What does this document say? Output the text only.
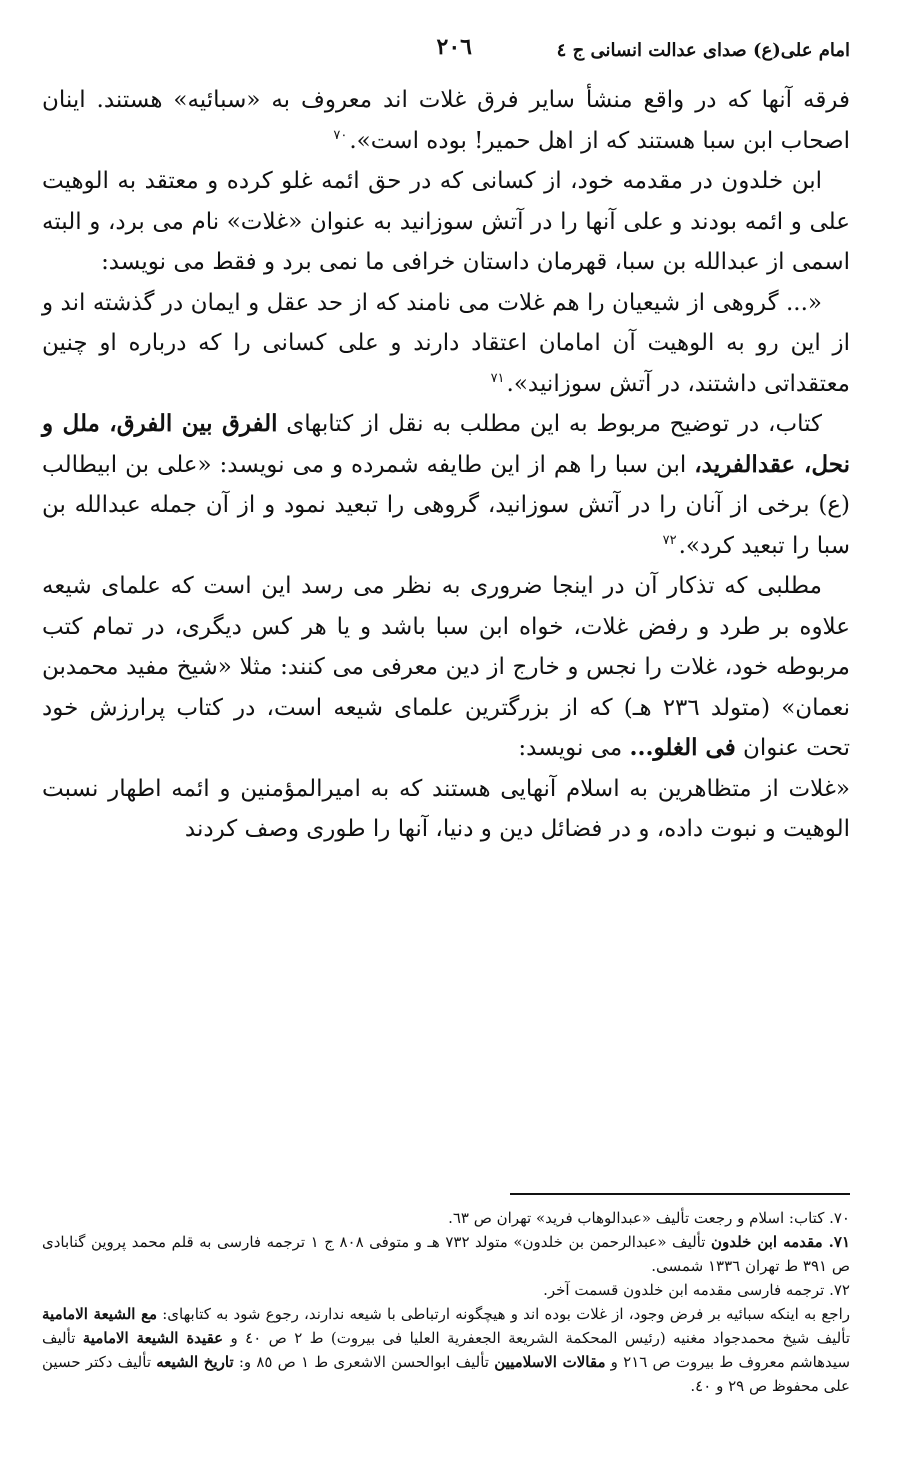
امام علی(ع) صدای عدالت انسانی ج ٤
٢٠٦

فرقه آنها که در واقع منشأ سایر فرق غلات اند معروف به «سبائیه» هستند. اینان اصحاب ابن سبا هستند که از اهل حمیر! بوده است».$^{٧٠}$

ابن خلدون در مقدمه خود، از کسانی که در حق ائمه غلو کرده و معتقد به الوهیت علی و ائمه بودند و علی آنها را در آتش سوزانید به عنوان «غلات» نام می برد، و البته اسمی از عبدالله بن سبا، قهرمان داستان خرافی ما نمی برد و فقط می نویسد:

«... گروهی از شیعیان را هم غلات می نامند که از حد عقل و ایمان در گذشته اند و از این رو به الوهیت آن امامان اعتقاد دارند و علی کسانی را که درباره او چنین معتقداتی داشتند، در آتش سوزانید».$^{٧١}$

کتاب، در توضیح مربوط به این مطلب به نقل از کتابهای الفرق بین الفرق، ملل و نحل، عقدالفرید، ابن سبا را هم از این طایفه شمرده و می نویسد: «علی بن ابیطالب (ع) برخی از آنان را در آتش سوزانید، گروهی را تبعید نمود و از آن جمله عبدالله بن سبا را تبعید کرد».$^{٧٢}$

مطلبی که تذکار آن در اینجا ضروری به نظر می رسد این است که علمای شیعه علاوه بر طرد و رفض غلات، خواه ابن سبا باشد و یا هر کس دیگری، در تمام کتب مربوطه خود، غلات را نجس و خارج از دین معرفی می کنند: مثلا «شیخ مفید محمدبن نعمان» (متولد ٢٣٦ هـ) که از بزرگترین علمای شیعه است، در کتاب پرارزش خود تحت عنوان فی الغلو... می نویسد:

«غلات از متظاهرین به اسلام آنهایی هستند که به امیرالمؤمنین و ائمه اطهار نسبت الوهیت و نبوت داده، و در فضائل دین و دنیا، آنها را طوری وصف کردند

٧٠. کتاب: اسلام و رجعت تألیف «عبدالوهاب فرید» تهران ص ٦٣.

٧١. مقدمه ابن خلدون تألیف «عبدالرحمن بن خلدون» متولد ٧٣٢ هـ و متوفی ٨٠٨ ج ١ ترجمه فارسی به قلم محمد پروین گنابادی ص ٣٩١ ط تهران ١٣٣٦ شمسی.

٧٢. ترجمه فارسی مقدمه ابن خلدون قسمت آخر.

راجع به اینکه سبائیه بر فرض وجود، از غلات بوده اند و هیچگونه ارتباطی با شیعه ندارند، رجوع شود به کتابهای: مع الشیعة الامامیة تألیف شیخ محمدجواد مغنیه (رئیس المحکمة الشریعة الجعفریة العلیا فی بیروت) ط ٢ ص ٤٠ و عقیدة الشیعة الامامیة تألیف سیدهاشم معروف ط بیروت ص ٢١٦ و مقالات الاسلامیین تألیف ابوالحسن الاشعری ط ١ ص ٨٥ و: تاریخ الشیعه تألیف دکتر حسین علی محفوظ ص ٢٩ و ٤٠.
